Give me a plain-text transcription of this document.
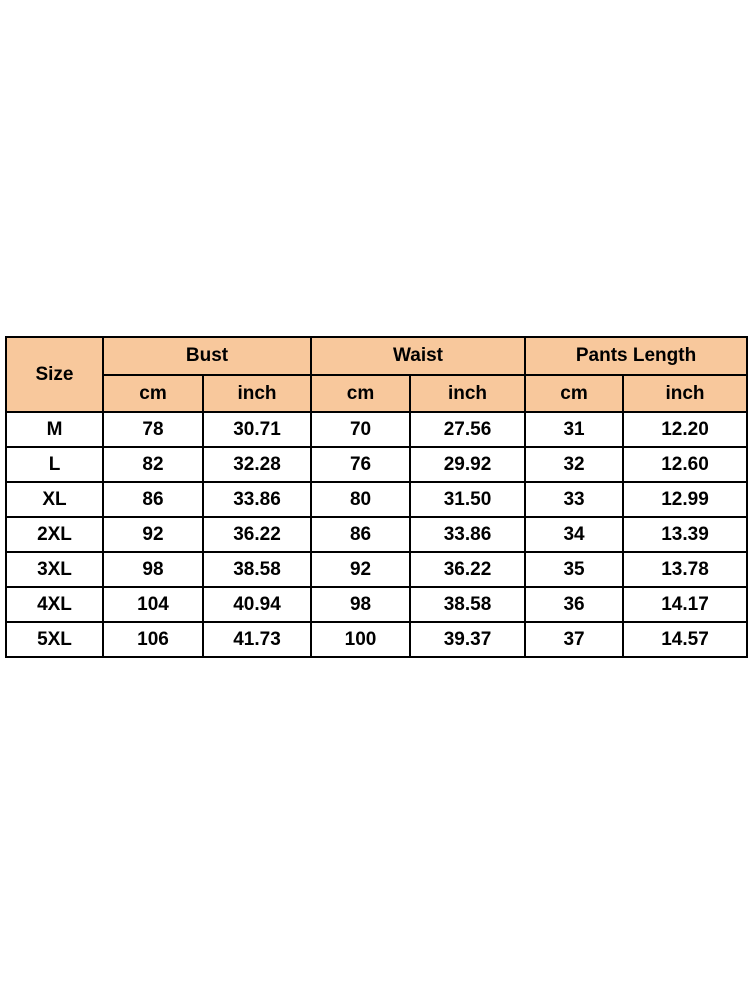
Size	Bust		Waist		Pants Length	
	cm	inch	cm	inch	cm	inch
M	78	30.71	70	27.56	31	12.20
L	82	32.28	76	29.92	32	12.60
XL	86	33.86	80	31.50	33	12.99
2XL	92	36.22	86	33.86	34	13.39
3XL	98	38.58	92	36.22	35	13.78
4XL	104	40.94	98	38.58	36	14.17
5XL	106	41.73	100	39.37	37	14.57
